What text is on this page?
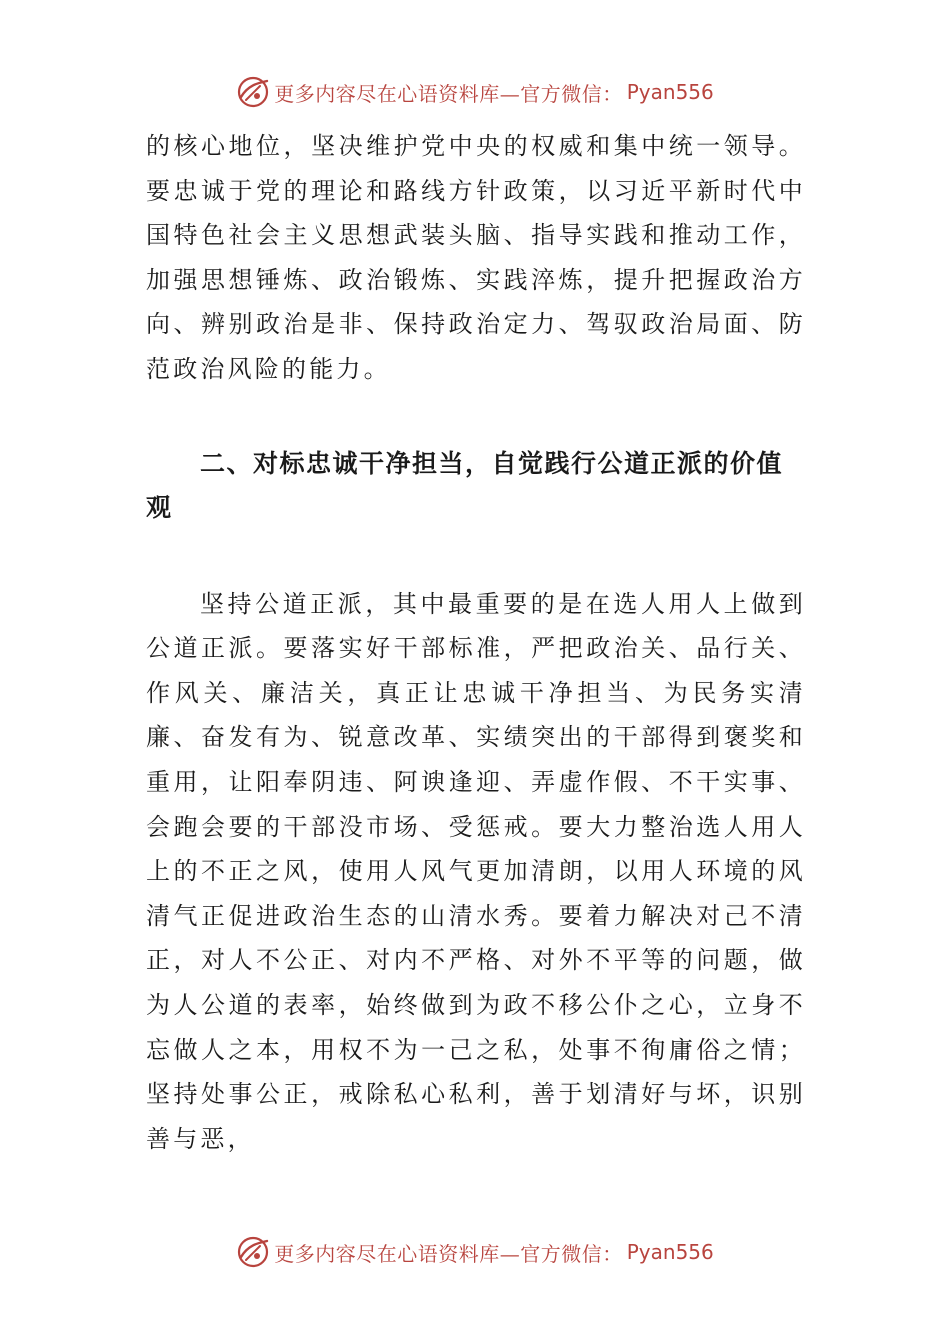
更多内容尽在心语资料库—官方微信： Pyan556

的核心地位，坚决维护党中央的权威和集中统一领导。要忠诚于党的理论和路线方针政策，以习近平新时代中国特色社会主义思想武装头脑、指导实践和推动工作，加强思想锤炼、政治锻炼、实践淬炼，提升把握政治方向、辨别政治是非、保持政治定力、驾驭政治局面、防范政治风险的能力。

二、对标忠诚干净担当，自觉践行公道正派的价值观

坚持公道正派，其中最重要的是在选人用人上做到公道正派。要落实好干部标准，严把政治关、品行关、作风关、廉洁关，真正让忠诚干净担当、为民务实清廉、奋发有为、锐意改革、实绩突出的干部得到褒奖和重用，让阳奉阴违、阿谀逢迎、弄虚作假、不干实事、会跑会要的干部没市场、受惩戒。要大力整治选人用人上的不正之风，使用人风气更加清朗，以用人环境的风清气正促进政治生态的山清水秀。要着力解决对己不清正，对人不公正、对内不严格、对外不平等的问题，做为人公道的表率，始终做到为政不移公仆之心，立身不忘做人之本，用权不为一己之私，处事不徇庸俗之情；坚持处事公正，戒除私心私利，善于划清好与坏，识别善与恶，

更多内容尽在心语资料库—官方微信： Pyan556
